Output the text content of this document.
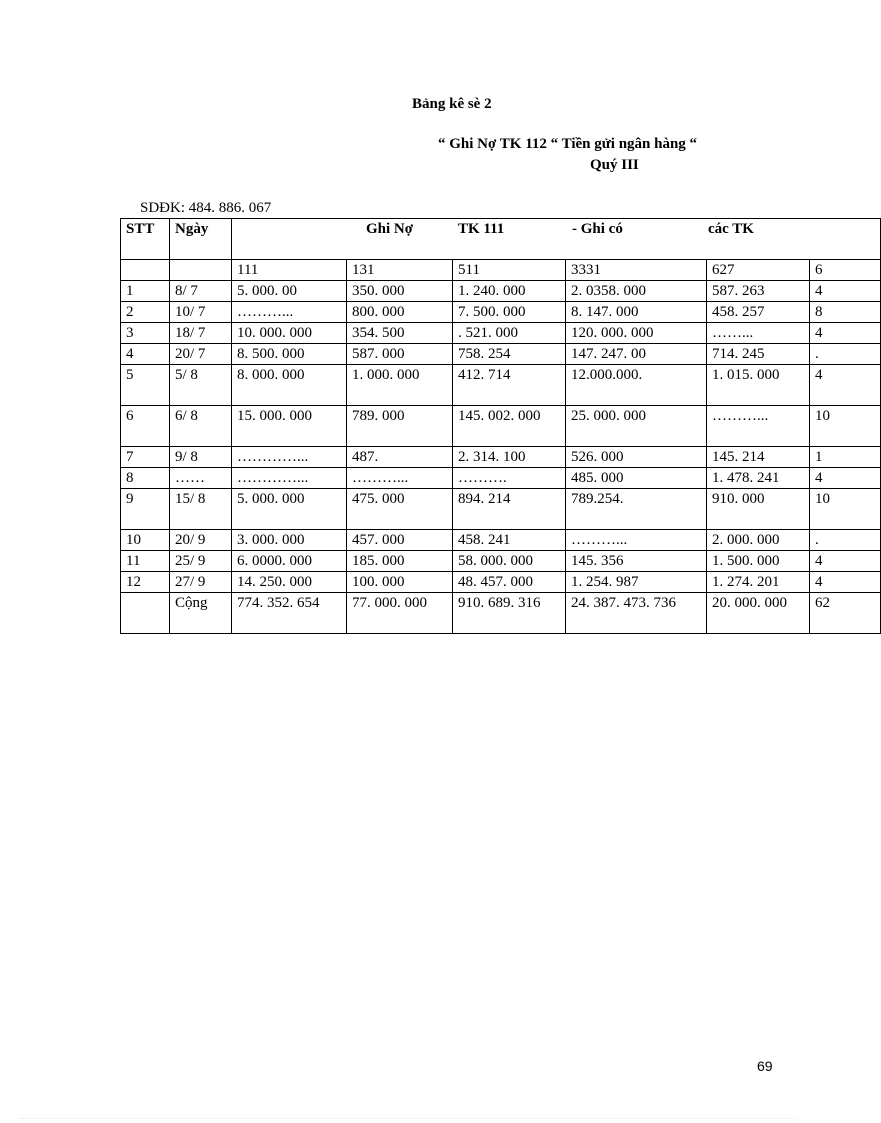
Bảng kê sè 2
“ Ghi Nợ TK 112 “ Tiền gửi ngân hàng “
Quý III
SDĐK: 484. 886. 067
STT	Ngày	Ghi Nợ TK 111 - Ghi có các TK					

		111	131	511	3331	627	6
1	8/ 7	5. 000. 00	350. 000	1. 240. 000	2. 0358. 000	587. 263	4
2	10/ 7	………...	800. 000	7. 500. 000	8. 147. 000	458. 257	8
3	18/ 7	10. 000. 000	354. 500	. 521. 000	120. 000. 000	……...	4
4	20/ 7	8. 500. 000	587. 000	758. 254	147. 247. 00	714. 245	.
5	5/ 8	8. 000. 000	1. 000. 000	412. 714	12.000.000.	1. 015. 000	4
6	6/ 8	15. 000. 000	789. 000	145. 002. 000	25. 000. 000	………...	10
7	9/ 8	…………...	487.	2. 314. 100	526. 000	145. 214	1
8	……	…………...	………...	……….	485. 000	1. 478. 241	4
9	15/ 8	5. 000. 000	475. 000	894. 214	789.254.	910. 000	10
10	20/ 9	3. 000. 000	457. 000	458. 241	………...	2. 000. 000	.
11	25/ 9	6. 0000. 000	185. 000	58. 000. 000	145. 356	1. 500. 000	4
12	27/ 9	14. 250. 000	100. 000	48. 457. 000	1. 254. 987	1. 274. 201	4
	Cộng	774. 352. 654	77. 000. 000	910. 689. 316	24. 387. 473. 736	20. 000. 000	62
69
